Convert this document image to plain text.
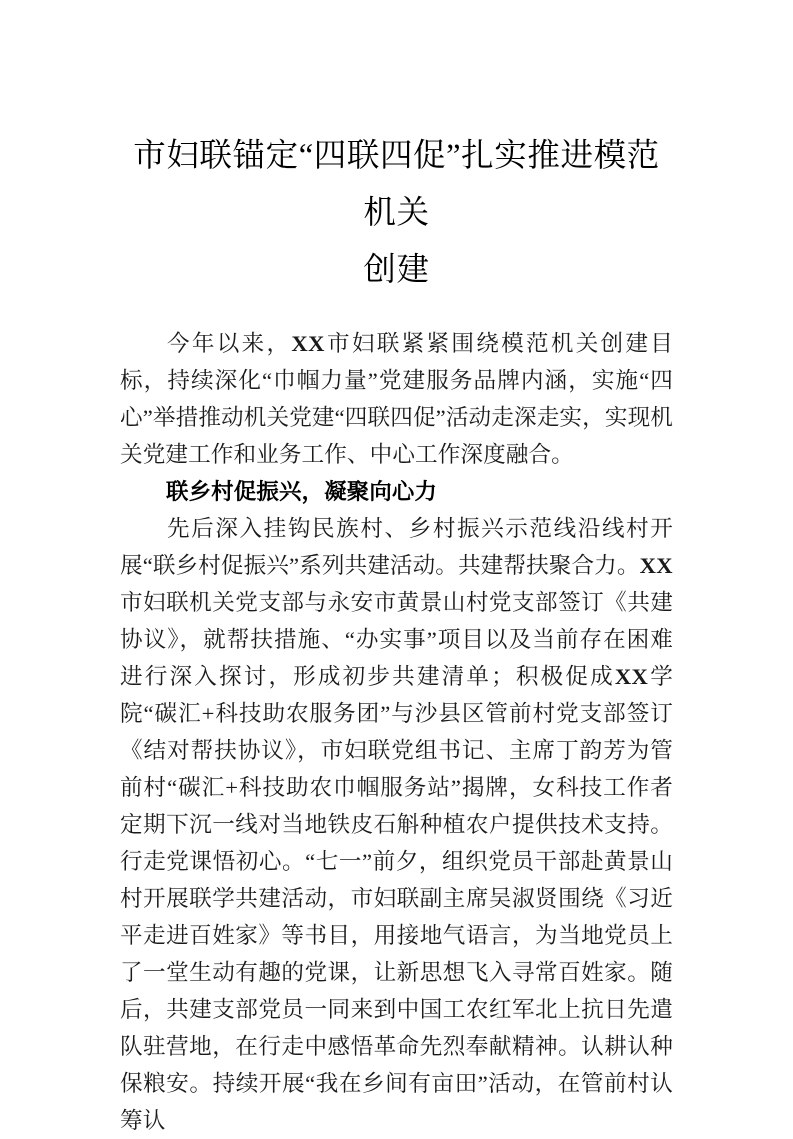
市妇联锚定“四联四促”扎实推进模范机关
创建

今年以来，XX市妇联紧紧围绕模范机关创建目标，持续深化“巾帼力量”党建服务品牌内涵，实施“四心”举措推动机关党建“四联四促”活动走深走实，实现机关党建工作和业务工作、中心工作深度融合。

联乡村促振兴，凝聚向心力

先后深入挂钩民族村、乡村振兴示范线沿线村开展“联乡村促振兴”系列共建活动。共建帮扶聚合力。XX市妇联机关党支部与永安市黄景山村党支部签订《共建协议》，就帮扶措施、“办实事”项目以及当前存在困难进行深入探讨，形成初步共建清单；积极促成XX学院“碳汇+科技助农服务团”与沙县区管前村党支部签订《结对帮扶协议》，市妇联党组书记、主席丁韵芳为管前村“碳汇+科技助农巾帼服务站”揭牌，女科技工作者定期下沉一线对当地铁皮石斛种植农户提供技术支持。行走党课悟初心。“七一”前夕，组织党员干部赴黄景山村开展联学共建活动，市妇联副主席吴淑贤围绕《习近平走进百姓家》等书目，用接地气语言，为当地党员上了一堂生动有趣的党课，让新思想飞入寻常百姓家。随后，共建支部党员一同来到中国工农红军北上抗日先遣队驻营地，在行走中感悟革命先烈奉献精神。认耕认种保粮安。持续开展“我在乡间有亩田”活动，在管前村认筹认
